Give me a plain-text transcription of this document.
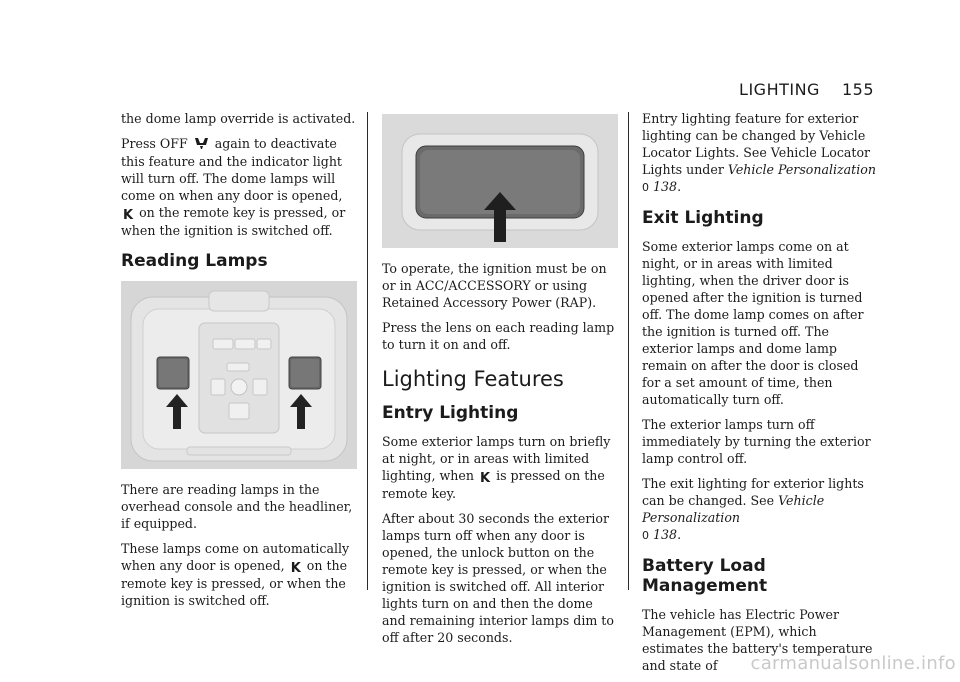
LIGHTING 155

the dome lamp override is activated.

Press OFF again to deactivate this feature and the indicator light will turn off. The dome lamps will come on when any door is opened, K on the remote key is pressed, or when the ignition is switched off.

Reading Lamps

There are reading lamps in the overhead console and the headliner, if equipped.

These lamps come on automatically when any door is opened, K on the remote key is pressed, or when the ignition is switched off.

To operate, the ignition must be on or in ACC/ACCESSORY or using Retained Accessory Power (RAP).

Press the lens on each reading lamp to turn it on and off.

Lighting Features
Entry Lighting

Some exterior lamps turn on briefly at night, or in areas with limited lighting, when K is pressed on the remote key.

After about 30 seconds the exterior lamps turn off when any door is opened, the unlock button on the remote key is pressed, or when the ignition is switched off. All interior lights turn on and then the dome and remaining interior lamps dim to off after 20 seconds.

Entry lighting feature for exterior lighting can be changed by Vehicle Locator Lights. See Vehicle Locator Lights under Vehicle Personalization
0 138.

Exit Lighting

Some exterior lamps come on at night, or in areas with limited lighting, when the driver door is opened after the ignition is turned off. The dome lamp comes on after the ignition is turned off. The exterior lamps and dome lamp remain on after the door is closed for a set amount of time, then automatically turn off.

The exterior lamps turn off immediately by turning the exterior lamp control off.

The exit lighting for exterior lights can be changed. See Vehicle Personalization
0 138.

Battery Load Management

The vehicle has Electric Power Management (EPM), which estimates the battery's temperature and state of	carmanualsonline.info
